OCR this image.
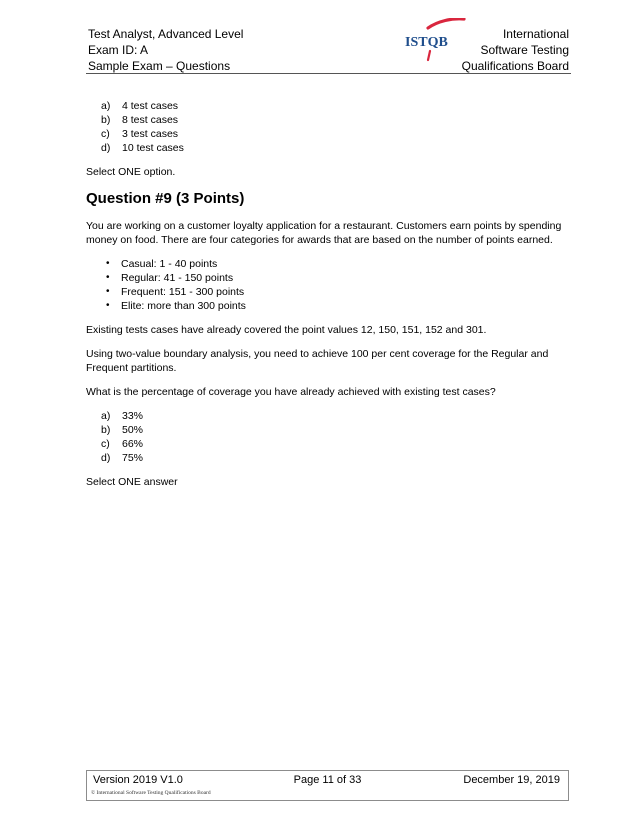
Test Analyst, Advanced Level
Exam ID: A
Sample Exam – Questions
ISTQB
International
Software Testing
Qualifications Board
a)	4 test cases
b)	8 test cases
c)	3 test cases
d)	10 test cases

Select ONE option.

Question #9 (3 Points)

You are working on a customer loyalty application for a restaurant. Customers earn points by spending money on food. There are four categories for awards that are based on the number of points earned.

•	Casual: 1 - 40 points
•	Regular: 41 - 150 points
•	Frequent: 151 - 300 points
•	Elite: more than 300 points

Existing tests cases have already covered the point values 12, 150, 151, 152 and 301.

Using two-value boundary analysis, you need to achieve 100 per cent coverage for the Regular and Frequent partitions.

What is the percentage of coverage you have already achieved with existing test cases?

a)	33%
b)	50%
c)	66%
d)	75%

Select ONE answer

Version 2019 V1.0	Page 11 of 33	December 19, 2019
© International Software Testing Qualifications Board
